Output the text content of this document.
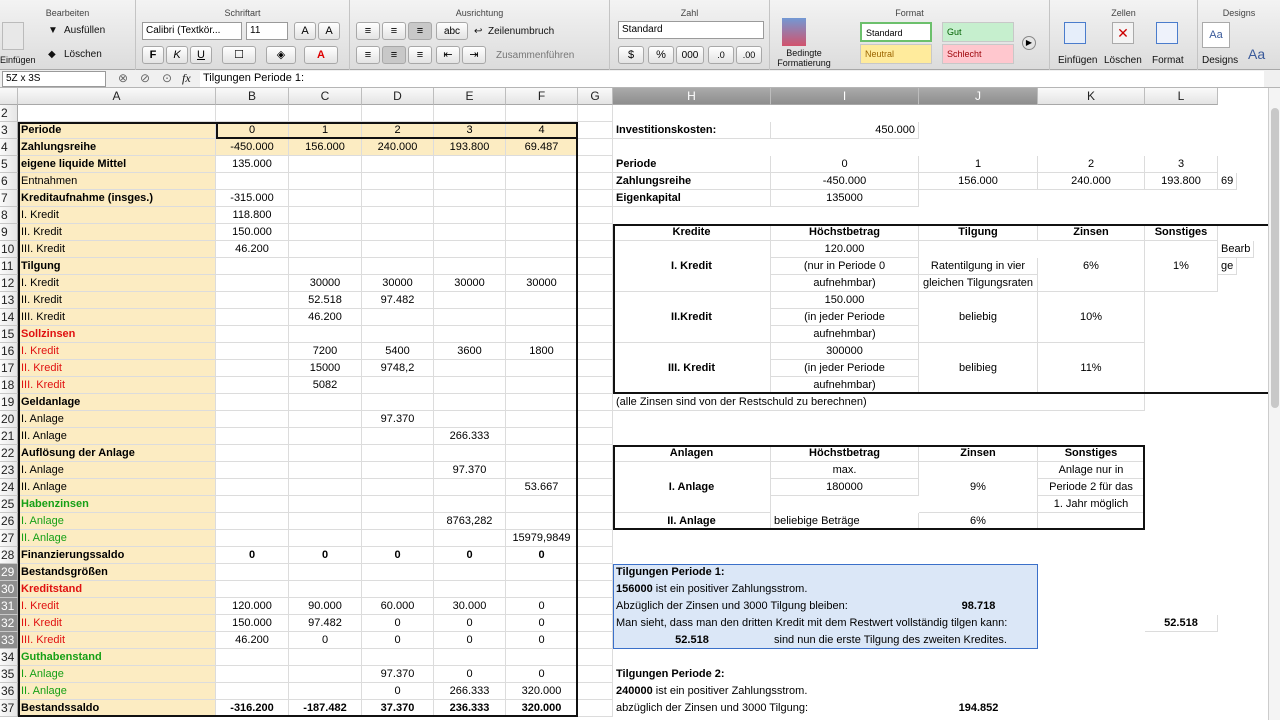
Bearbeiten
Einfügen
▼ Ausfüllen
◆ Löschen
Schriftart
Calibri (Textkör...	11	A	A
F	K	U	☐	◈	A
Ausrichtung
≡	≡	≡	abc	↩ Zeilenumbruch
≡	≡	≡	⇤	⇥	Zusammenführen
Zahl
Standard
$	%	000	.0	.00
Format
Bedingte Formatierung
Standard	Gut
Neutral	Schlecht
▶
Zellen
Einfügen
✕
Löschen Format
Designs
Aa
Designs Aa
5Z x 3S	⊗ ⊘ ⊙ fx Tilgungen Periode 1:
A	B	C	D	E	F	G	H	I	J	K	L
2
3
4
5
6
7
8
9
10
11
12
13
14
15
16
17
18
19
20
21
22
23
24
25
26
27
28
29
30
31
32
33
34
35
36
37
Periode	0	1	2	3	4
Zahlungsreihe	-450.000	156.000	240.000	193.800	69.487
eigene liquide Mittel	135.000
Entnahmen
Kreditaufnahme (insges.)	-315.000
I. Kredit	118.800
II. Kredit	150.000
III. Kredit	46.200
Tilgung
I. Kredit	30000	30000	30000	30000
II. Kredit	52.518	97.482
III. Kredit	46.200
Sollzinsen
I. Kredit	7200	5400	3600	1800
II. Kredit	15000	9748,2
III. Kredit	5082
Geldanlage
I. Anlage	97.370
II. Anlage	266.333
Auflösung der Anlage
I. Anlage	97.370
II. Anlage	53.667
Habenzinsen
I. Anlage	8763,282
II. Anlage	15979,9849
Finanzierungssaldo	0	0	0	0	0
Bestandsgrößen
Kreditstand
I. Kredit	120.000	90.000	60.000	30.000	0
II. Kredit	150.000	97.482	0	0	0
III. Kredit	46.200	0	0	0	0
Guthabenstand
I. Anlage	97.370	0	0
II. Anlage	0	266.333	320.000
Bestandssaldo	-316.200	-187.482	37.370	236.333	320.000
Investitionskosten:	450.000
Periode	0	1	2	3
Zahlungsreihe	-450.000	156.000	240.000	193.800	69
Eigenkapital	135000
Kredite	Höchstbetrag	Tilgung	Zinsen	Sonstiges
I. Kredit
120.000
(nur in Periode 0
aufnehmbar)
Ratentilgung in vier
gleichen Tilgungsraten
6%	1%
Bearb
ge
II.Kredit
150.000
(in jeder Periode
aufnehmbar)
beliebig	10%
III. Kredit
300000
(in jeder Periode
aufnehmbar)
belibieg	11%
(alle Zinsen sind von der Restschuld zu berechnen)
Anlagen	Höchstbetrag	Zinsen	Sonstiges
I. Anlage
max.
180000	9%
Anlage nur in
Periode 2 für das
1. Jahr möglich
II. Anlage	beliebige Beträge	6%
Tilgungen Periode 1:
156000 ist ein positiver Zahlungsstrom.
Abzüglich der Zinsen und 3000 Tilgung bleiben:	98.718
Man sieht, dass man den dritten Kredit mit dem Restwert vollständig tilgen kann:
52.518	sind nun die erste Tilgung des zweiten Kredites.
52.518
Tilgungen Periode 2:
240000 ist ein positiver Zahlungsstrom.
abzüglich der Zinsen und 3000 Tilgung:	194.852
